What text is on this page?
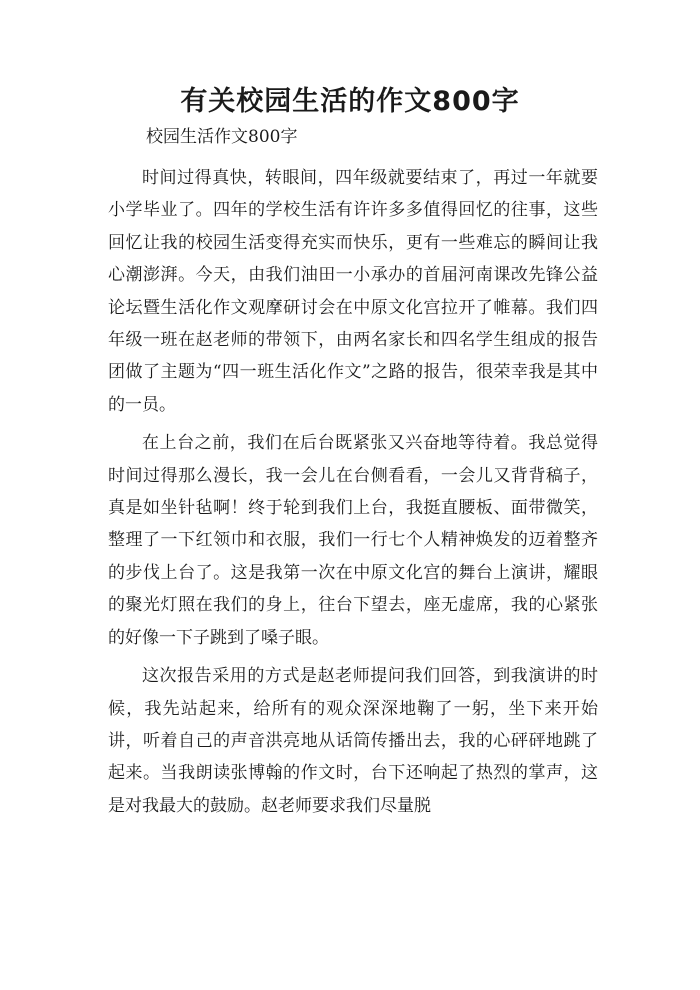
有关校园生活的作文800字

校园生活作文800字

时间过得真快，转眼间，四年级就要结束了，再过一年就要小学毕业了。四年的学校生活有许许多多值得回忆的往事，这些回忆让我的校园生活变得充实而快乐，更有一些难忘的瞬间让我心潮澎湃。今天，由我们油田一小承办的首届河南课改先锋公益论坛暨生活化作文观摩研讨会在中原文化宫拉开了帷幕。我们四年级一班在赵老师的带领下，由两名家长和四名学生组成的报告团做了主题为“四一班生活化作文”之路的报告，很荣幸我是其中的一员。

在上台之前，我们在后台既紧张又兴奋地等待着。我总觉得时间过得那么漫长，我一会儿在台侧看看，一会儿又背背稿子，真是如坐针毡啊！终于轮到我们上台，我挺直腰板、面带微笑，整理了一下红领巾和衣服，我们一行七个人精神焕发的迈着整齐的步伐上台了。这是我第一次在中原文化宫的舞台上演讲，耀眼的聚光灯照在我们的身上，往台下望去，座无虚席，我的心紧张的好像一下子跳到了嗓子眼。

这次报告采用的方式是赵老师提问我们回答，到我演讲的时候，我先站起来，给所有的观众深深地鞠了一躬，坐下来开始讲，听着自己的声音洪亮地从话筒传播出去，我的心砰砰地跳了起来。当我朗读张博翰的作文时，台下还响起了热烈的掌声，这是对我最大的鼓励。赵老师要求我们尽量脱
